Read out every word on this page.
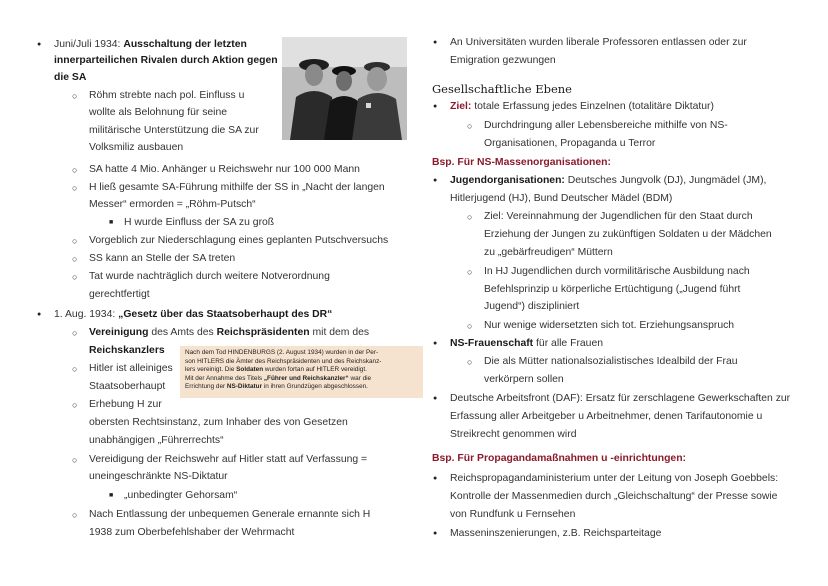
● Juni/Juli 1934: Ausschaltung der letzten
innerparteilichen Rivalen durch Aktion gegen
die SA
○ Röhm strebte nach pol. Einfluss u
wollte als Belohnung für seine
militärische Unterstützung die SA zur
Volksmiliz ausbauen
○ SA hatte 4 Mio. Anhänger u Reichswehr nur 100 000 Mann
○ H ließ gesamte SA-Führung mithilfe der SS in „Nacht der langen
Messer“ ermorden = „Röhm-Putsch“
■ H wurde Einfluss der SA zu groß
○ Vorgeblich zur Niederschlagung eines geplanten Putschversuchs
○ SS kann an Stelle der SA treten
○ Tat wurde nachträglich durch weitere Notverordnung
gerechtfertigt
● 1. Aug. 1934: „Gesetz über das Staatsoberhaupt des DR“
○ Vereinigung des Amts des Reichspräsidenten mit dem des
Reichskanzlers
○ Hitler ist alleiniges
Staatsoberhaupt
○ Erhebung H zur
obersten Rechtsinstanz, zum Inhaber des von Gesetzen
unabhängigen „Führerrechts“
○ Vereidigung der Reichswehr auf Hitler statt auf Verfassung =
uneingeschränkte NS-Diktatur
■ „unbedingter Gehorsam“
○ Nach Entlassung der unbequemen Generale ernannte sich H
1938 zum Oberbefehlshaber der Wehrmacht
Nach dem Tod HINDENBURGS (2. August 1934) wurden in der Per-
son HITLERS die Ämter des Reichspräsidenten und des Reichskanz-
lers vereinigt. Die Soldaten wurden fortan auf HITLER vereidigt.
Mit der Annahme des Titels „Führer und Reichskanzler“ war die
Errichtung der NS-Diktatur in ihren Grundzügen abgeschlossen.
● An Universitäten wurden liberale Professoren entlassen oder zur
Emigration gezwungen
Gesellschaftliche Ebene
● Ziel: totale Erfassung jedes Einzelnen (totalitäre Diktatur)
○ Durchdringung aller Lebensbereiche mithilfe von NS-
Organisationen, Propaganda u Terror
Bsp. Für NS-Massenorganisationen:
● Jugendorganisationen: Deutsches Jungvolk (DJ), Jungmädel (JM),
Hitlerjugend (HJ), Bund Deutscher Mädel (BDM)
○ Ziel: Vereinnahmung der Jugendlichen für den Staat durch
Erziehung der Jungen zu zukünftigen Soldaten u der Mädchen
zu „gebärfreudigen“ Müttern
○ In HJ Jugendlichen durch vormilitärische Ausbildung nach
Befehlsprinzip u körperliche Ertüchtigung („Jugend führt
Jugend“) diszipliniert
○ Nur wenige widersetzten sich tot. Erziehungsanspruch
● NS-Frauenschaft für alle Frauen
○ Die als Mütter nationalsozialistisches Idealbild der Frau
verkörpern sollen
● Deutsche Arbeitsfront (DAF): Ersatz für zerschlagene Gewerkschaften zur
Erfassung aller Arbeitgeber u Arbeitnehmer, denen Tarifautonomie u
Streikrecht genommen wird
Bsp. Für Propagandamaßnahmen u -einrichtungen:
● Reichspropagandaministerium unter der Leitung von Joseph Goebbels:
Kontrolle der Massenmedien durch „Gleichschaltung“ der Presse sowie
von Rundfunk u Fernsehen
● Masseninszenierungen, z.B. Reichsparteitage
